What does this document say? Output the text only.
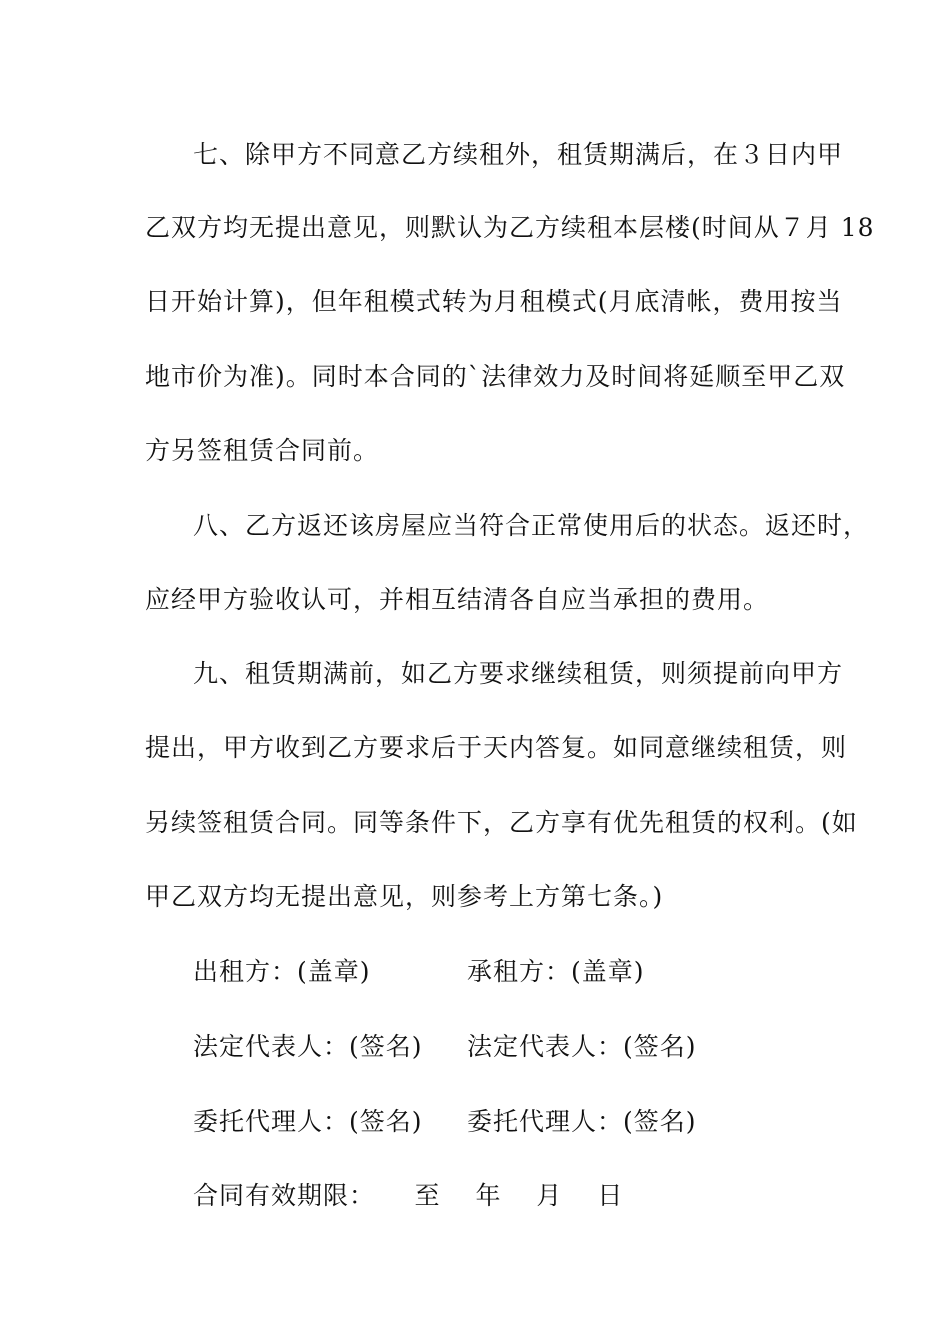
七、除甲方不同意乙方续租外，租赁期满后，在３日内甲
乙双方均无提出意见，则默认为乙方续租本层楼(时间从７月 18
日开始计算)，但年租模式转为月租模式(月底清帐，费用按当
地市价为准)。同时本合同的`法律效力及时间将延顺至甲乙双
方另签租赁合同前。
八、乙方返还该房屋应当符合正常使用后的状态。返还时，
应经甲方验收认可，并相互结清各自应当承担的费用。
九、租赁期满前，如乙方要求继续租赁，则须提前向甲方
提出，甲方收到乙方要求后于天内答复。如同意继续租赁，则
另续签租赁合同。同等条件下，乙方享有优先租赁的权利。(如
甲乙双方均无提出意见，则参考上方第七条。)
出租方：(盖章)	承租方：(盖章)
法定代表人：(签名) 法定代表人：(签名)
委托代理人：(签名) 委托代理人：(签名)
合同有效期限：　　至　 年　 月　 日
